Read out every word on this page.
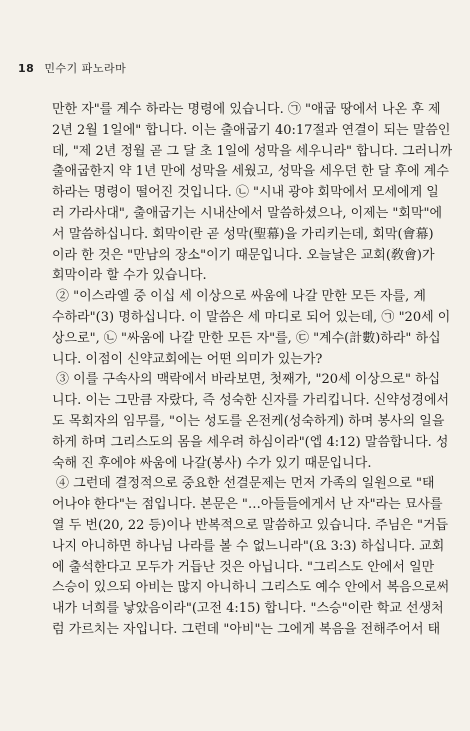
18 민수기 파노라마
만한 자"를 계수 하라는 명령에 있습니다. ㉠ "애굽 땅에서 나온 후 제
2년 2월 1일에" 합니다. 이는 출애굽기 40:17절과 연결이 되는 말씀인
데, "제 2년 정월 곧 그 달 초 1일에 성막을 세우니라" 합니다. 그러니까
출애굽한지 약 1년 만에 성막을 세웠고, 성막을 세우던 한 달 후에 계수
하라는 명령이 떨어진 것입니다. ㉡ "시내 광야 회막에서 모세에게 일
러 가라사대", 출애굽기는 시내산에서 말씀하셨으나, 이제는 "회막"에
서 말씀하십니다. 회막이란 곧 성막(聖幕)을 가리키는데, 회막(會幕)
이라 한 것은 "만남의 장소"이기 때문입니다. 오늘날은 교회(敎會)가
회막이라 할 수가 있습니다.
② "이스라엘 중 이십 세 이상으로 싸움에 나갈 만한 모든 자를, 계
수하라"(3) 명하십니다. 이 말씀은 세 마디로 되어 있는데, ㉠ "20세 이
상으로", ㉡ "싸움에 나갈 만한 모든 자"를, ㉢ "계수(計數)하라" 하십
니다. 이점이 신약교회에는 어떤 의미가 있는가?
③ 이를 구속사의 맥락에서 바라보면, 첫째가, "20세 이상으로" 하십
니다. 이는 그만큼 자랐다, 즉 성숙한 신자를 가리킵니다. 신약성경에서
도 목회자의 임무를, "이는 성도를 온전케(성숙하게) 하며 봉사의 일을
하게 하며 그리스도의 몸을 세우려 하심이라"(엡 4:12) 말씀합니다. 성
숙해 진 후에야 싸움에 나갈(봉사) 수가 있기 때문입니다.
④ 그런데 결정적으로 중요한 선결문제는 먼저 가족의 일원으로 "태
어나야 한다"는 점입니다. 본문은 "…아들들에게서 난 자"라는 묘사를
열 두 번(20, 22 등)이나 반복적으로 말씀하고 있습니다. 주님은 "거듭
나지 아니하면 하나님 나라를 볼 수 없느니라"(요 3:3) 하십니다. 교회
에 출석한다고 모두가 거듭난 것은 아닙니다. "그리스도 안에서 일만
스승이 있으되 아비는 많지 아니하니 그리스도 예수 안에서 복음으로써
내가 너희를 낳았음이라"(고전 4:15) 합니다. "스승"이란 학교 선생처
럼 가르치는 자입니다. 그런데 "아비"는 그에게 복음을 전해주어서 태
